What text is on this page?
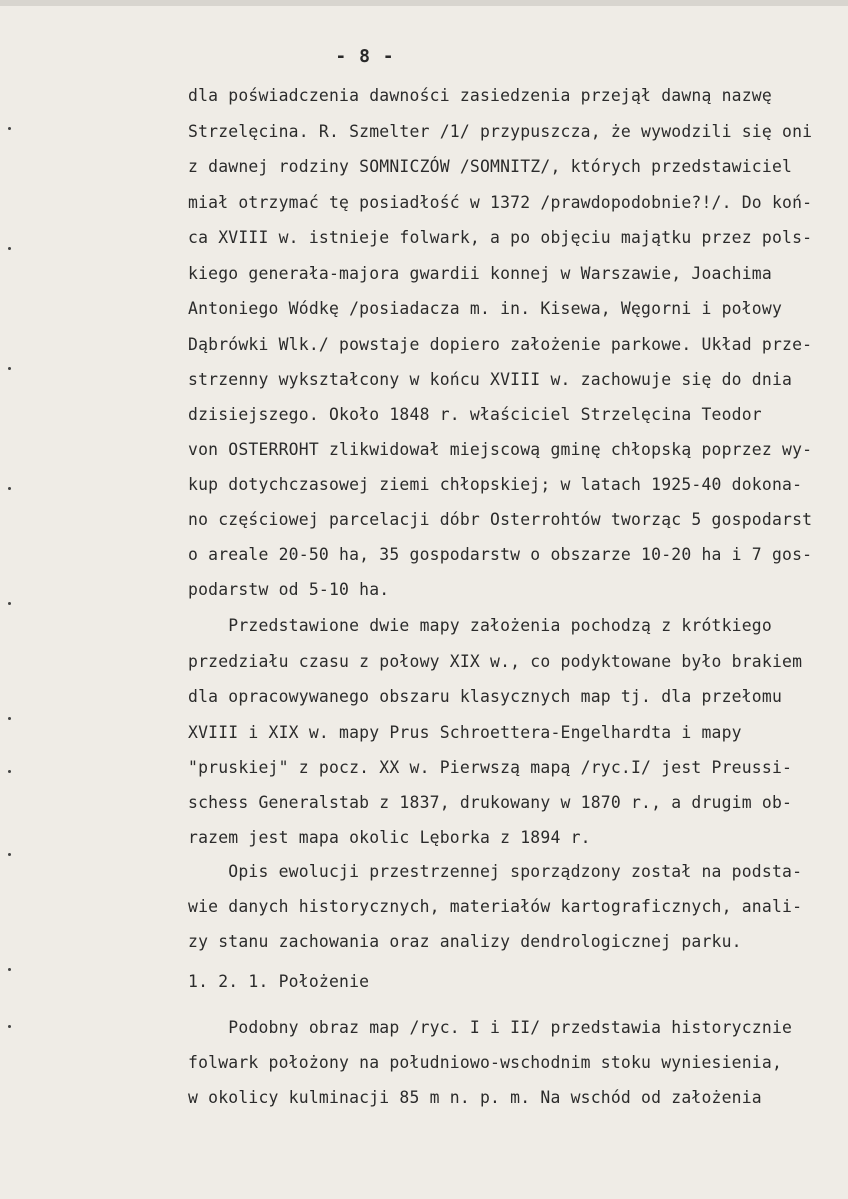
- 8 -
dla poświadczenia dawności zasiedzenia przejął dawną nazwę
Strzelęcina. R. Szmelter /1/ przypuszcza, że wywodzili się oni
z dawnej rodziny SOMNICZÓW /SOMNITZ/, których przedstawiciel
miał otrzymać tę posiadłość w 1372 /prawdopodobnie?!/. Do koń-
ca XVIII w. istnieje folwark, a po objęciu majątku przez pols-
kiego generała-majora gwardii konnej w Warszawie, Joachima
Antoniego Wódkę /posiadacza m. in. Kisewa, Węgorni i połowy
Dąbrówki Wlk./ powstaje dopiero założenie parkowe. Układ prze-
strzenny wykształcony w końcu XVIII w. zachowuje się do dnia
dzisiejszego. Około 1848 r. właściciel Strzelęcina Teodor
von OSTERROHT zlikwidował miejscową gminę chłopską poprzez wy-
kup dotychczasowej ziemi chłopskiej; w latach 1925-40 dokona-
no częściowej parcelacji dóbr Osterrohtów tworząc 5 gospodarst
o areale 20-50 ha, 35 gospodarstw o obszarze 10-20 ha i 7 gos-
podarstw od 5-10 ha.
Przedstawione dwie mapy założenia pochodzą z krótkiego
przedziału czasu z połowy XIX w., co podyktowane było brakiem
dla opracowywanego obszaru klasycznych map tj. dla przełomu
XVIII i XIX w. mapy Prus Schroettera-Engelhardta i mapy
"pruskiej" z pocz. XX w. Pierwszą mapą /ryc.I/ jest Preussi-
schess Generalstab z 1837, drukowany w 1870 r., a drugim ob-
razem jest mapa okolic Lęborka z 1894 r.
Opis ewolucji przestrzennej sporządzony został na podsta-
wie danych historycznych, materiałów kartograficznych, anali-
zy stanu zachowania oraz analizy dendrologicznej parku.
1. 2. 1. Położenie
Podobny obraz map /ryc. I i II/ przedstawia historycznie
folwark położony na południowo-wschodnim stoku wyniesienia,
w okolicy kulminacji 85 m n. p. m. Na wschód od założenia
